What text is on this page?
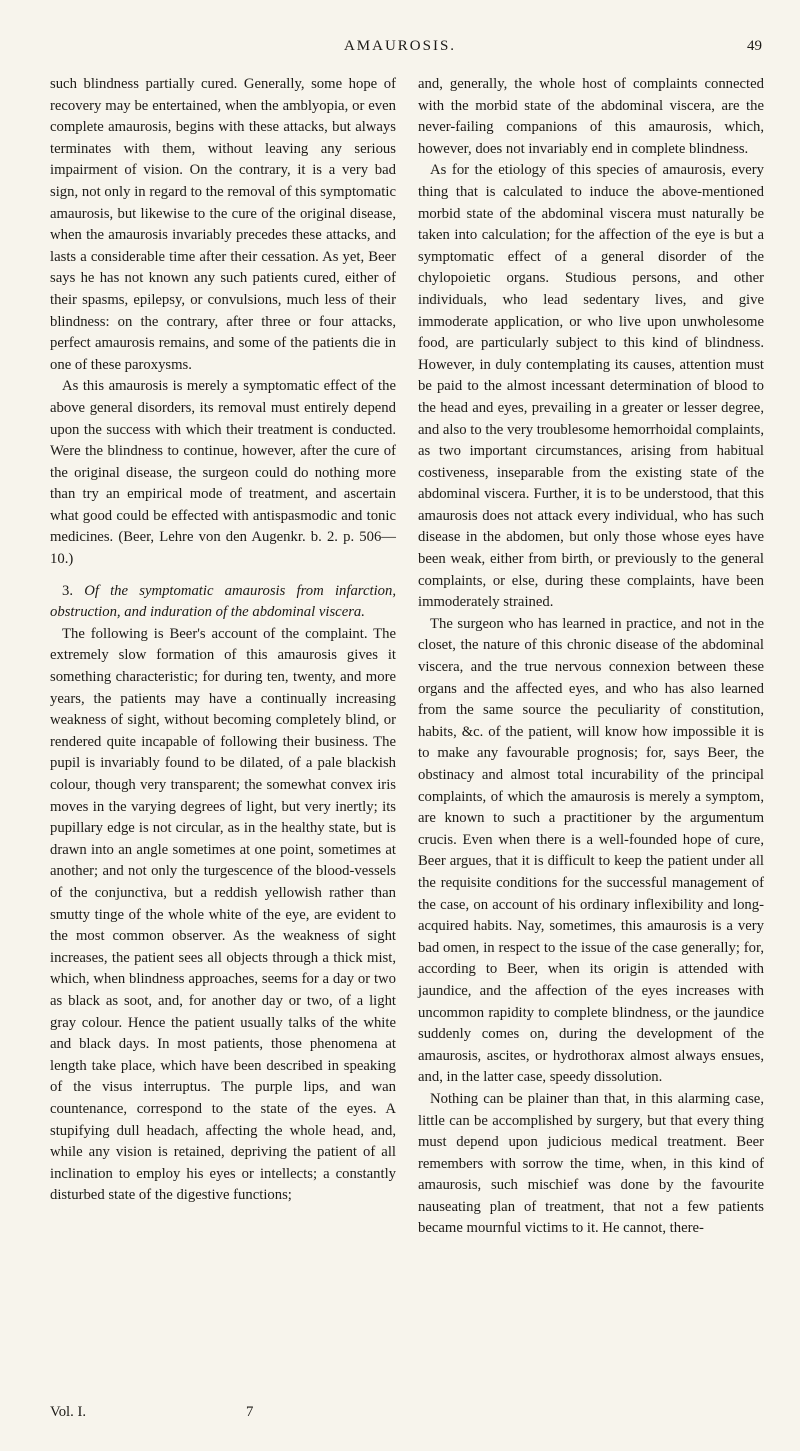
AMAUROSIS.	49

such blindness partially cured. Generally, some hope of recovery may be entertained, when the amblyopia, or even complete amaurosis, begins with these attacks, but always terminates with them, without leaving any serious impairment of vision. On the contrary, it is a very bad sign, not only in regard to the removal of this symptomatic amaurosis, but likewise to the cure of the original disease, when the amaurosis invariably precedes these attacks, and lasts a considerable time after their cessation. As yet, Beer says he has not known any such patients cured, either of their spasms, epilepsy, or convulsions, much less of their blindness: on the contrary, after three or four attacks, perfect amaurosis remains, and some of the patients die in one of these paroxysms.

As this amaurosis is merely a symptomatic effect of the above general disorders, its removal must entirely depend upon the success with which their treatment is conducted. Were the blindness to continue, however, after the cure of the original disease, the surgeon could do nothing more than try an empirical mode of treatment, and ascertain what good could be effected with antispasmodic and tonic medicines. (Beer, Lehre von den Augenkr. b. 2. p. 506—10.)

3. Of the symptomatic amaurosis from infarction, obstruction, and induration of the abdominal viscera.

The following is Beer's account of the complaint. The extremely slow formation of this amaurosis gives it something characteristic; for during ten, twenty, and more years, the patients may have a continually increasing weakness of sight, without becoming completely blind, or rendered quite incapable of following their business. The pupil is invariably found to be dilated, of a pale blackish colour, though very transparent; the somewhat convex iris moves in the varying degrees of light, but very inertly; its pupillary edge is not circular, as in the healthy state, but is drawn into an angle sometimes at one point, sometimes at another; and not only the turgescence of the blood-vessels of the conjunctiva, but a reddish yellowish rather than smutty tinge of the whole white of the eye, are evident to the most common observer. As the weakness of sight increases, the patient sees all objects through a thick mist, which, when blindness approaches, seems for a day or two as black as soot, and, for another day or two, of a light gray colour. Hence the patient usually talks of the white and black days. In most patients, those phenomena at length take place, which have been described in speaking of the visus interruptus. The purple lips, and wan countenance, correspond to the state of the eyes. A stupifying dull headach, affecting the whole head, and, while any vision is retained, depriving the patient of all inclination to employ his eyes or intellects; a constantly disturbed state of the digestive functions;

and, generally, the whole host of complaints connected with the morbid state of the abdominal viscera, are the never-failing companions of this amaurosis, which, however, does not invariably end in complete blindness.

As for the etiology of this species of amaurosis, every thing that is calculated to induce the above-mentioned morbid state of the abdominal viscera must naturally be taken into calculation; for the affection of the eye is but a symptomatic effect of a general disorder of the chylopoietic organs. Studious persons, and other individuals, who lead sedentary lives, and give immoderate application, or who live upon unwholesome food, are particularly subject to this kind of blindness. However, in duly contemplating its causes, attention must be paid to the almost incessant determination of blood to the head and eyes, prevailing in a greater or lesser degree, and also to the very troublesome hemorrhoidal complaints, as two important circumstances, arising from habitual costiveness, inseparable from the existing state of the abdominal viscera. Further, it is to be understood, that this amaurosis does not attack every individual, who has such disease in the abdomen, but only those whose eyes have been weak, either from birth, or previously to the general complaints, or else, during these complaints, have been immoderately strained.

The surgeon who has learned in practice, and not in the closet, the nature of this chronic disease of the abdominal viscera, and the true nervous connexion between these organs and the affected eyes, and who has also learned from the same source the peculiarity of constitution, habits, &c. of the patient, will know how impossible it is to make any favourable prognosis; for, says Beer, the obstinacy and almost total incurability of the principal complaints, of which the amaurosis is merely a symptom, are known to such a practitioner by the argumentum crucis. Even when there is a well-founded hope of cure, Beer argues, that it is difficult to keep the patient under all the requisite conditions for the successful management of the case, on account of his ordinary inflexibility and long-acquired habits. Nay, sometimes, this amaurosis is a very bad omen, in respect to the issue of the case generally; for, according to Beer, when its origin is attended with jaundice, and the affection of the eyes increases with uncommon rapidity to complete blindness, or the jaundice suddenly comes on, during the development of the amaurosis, ascites, or hydrothorax almost always ensues, and, in the latter case, speedy dissolution.

Nothing can be plainer than that, in this alarming case, little can be accomplished by surgery, but that every thing must depend upon judicious medical treatment. Beer remembers with sorrow the time, when, in this kind of amaurosis, such mischief was done by the favourite nauseating plan of treatment, that not a few patients became mournful victims to it. He cannot, there-

Vol. I.	7
